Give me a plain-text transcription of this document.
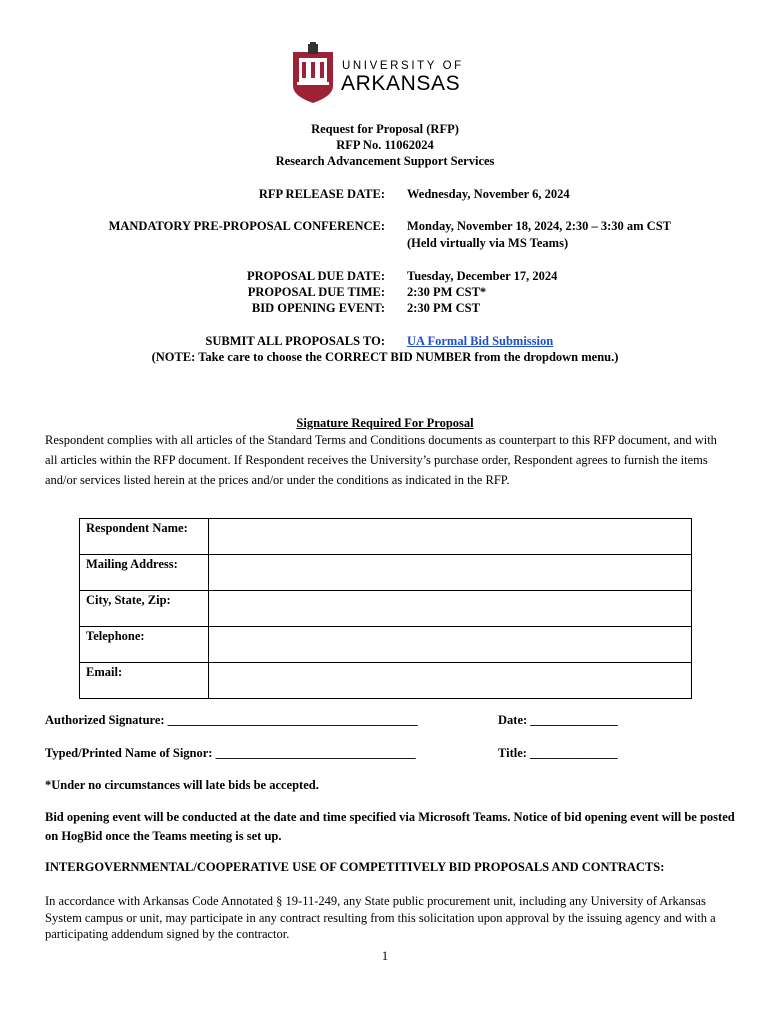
UNIVERSITY OF
ARKANSAS
Request for Proposal (RFP)
RFP No. 11062024
Research Advancement Support Services
RFP RELEASE DATE: Wednesday, November 6, 2024
MANDATORY PRE-PROPOSAL CONFERENCE: Monday, November 18, 2024, 2:30 – 3:30 am CST
(Held virtually via MS Teams)
PROPOSAL DUE DATE: Tuesday, December 17, 2024
PROPOSAL DUE TIME: 2:30 PM CST*
BID OPENING EVENT: 2:30 PM CST
SUBMIT ALL PROPOSALS TO: UA Formal Bid Submission
(NOTE: Take care to choose the CORRECT BID NUMBER from the dropdown menu.)
Signature Required For Proposal
Respondent complies with all articles of the Standard Terms and Conditions documents as counterpart to this RFP document, and with all articles within the RFP document. If Respondent receives the University’s purchase order, Respondent agrees to furnish the items and/or services listed herein at the prices and/or under the conditions as indicated in the RFP.
Respondent Name:	
Mailing Address:	
City, State, Zip:	
Telephone:	
Email:	
Authorized Signature: ________________________________________	Date: ______________
Typed/Printed Name of Signor: ________________________________	Title: ______________
*Under no circumstances will late bids be accepted.
Bid opening event will be conducted at the date and time specified via Microsoft Teams. Notice of bid opening event will be posted on HogBid once the Teams meeting is set up.
INTERGOVERNMENTAL/COOPERATIVE USE OF COMPETITIVELY BID PROPOSALS AND CONTRACTS:
In accordance with Arkansas Code Annotated § 19-11-249, any State public procurement unit, including any University of Arkansas System campus or unit, may participate in any contract resulting from this solicitation upon approval by the issuing agency and with a participating addendum signed by the contractor.
1
